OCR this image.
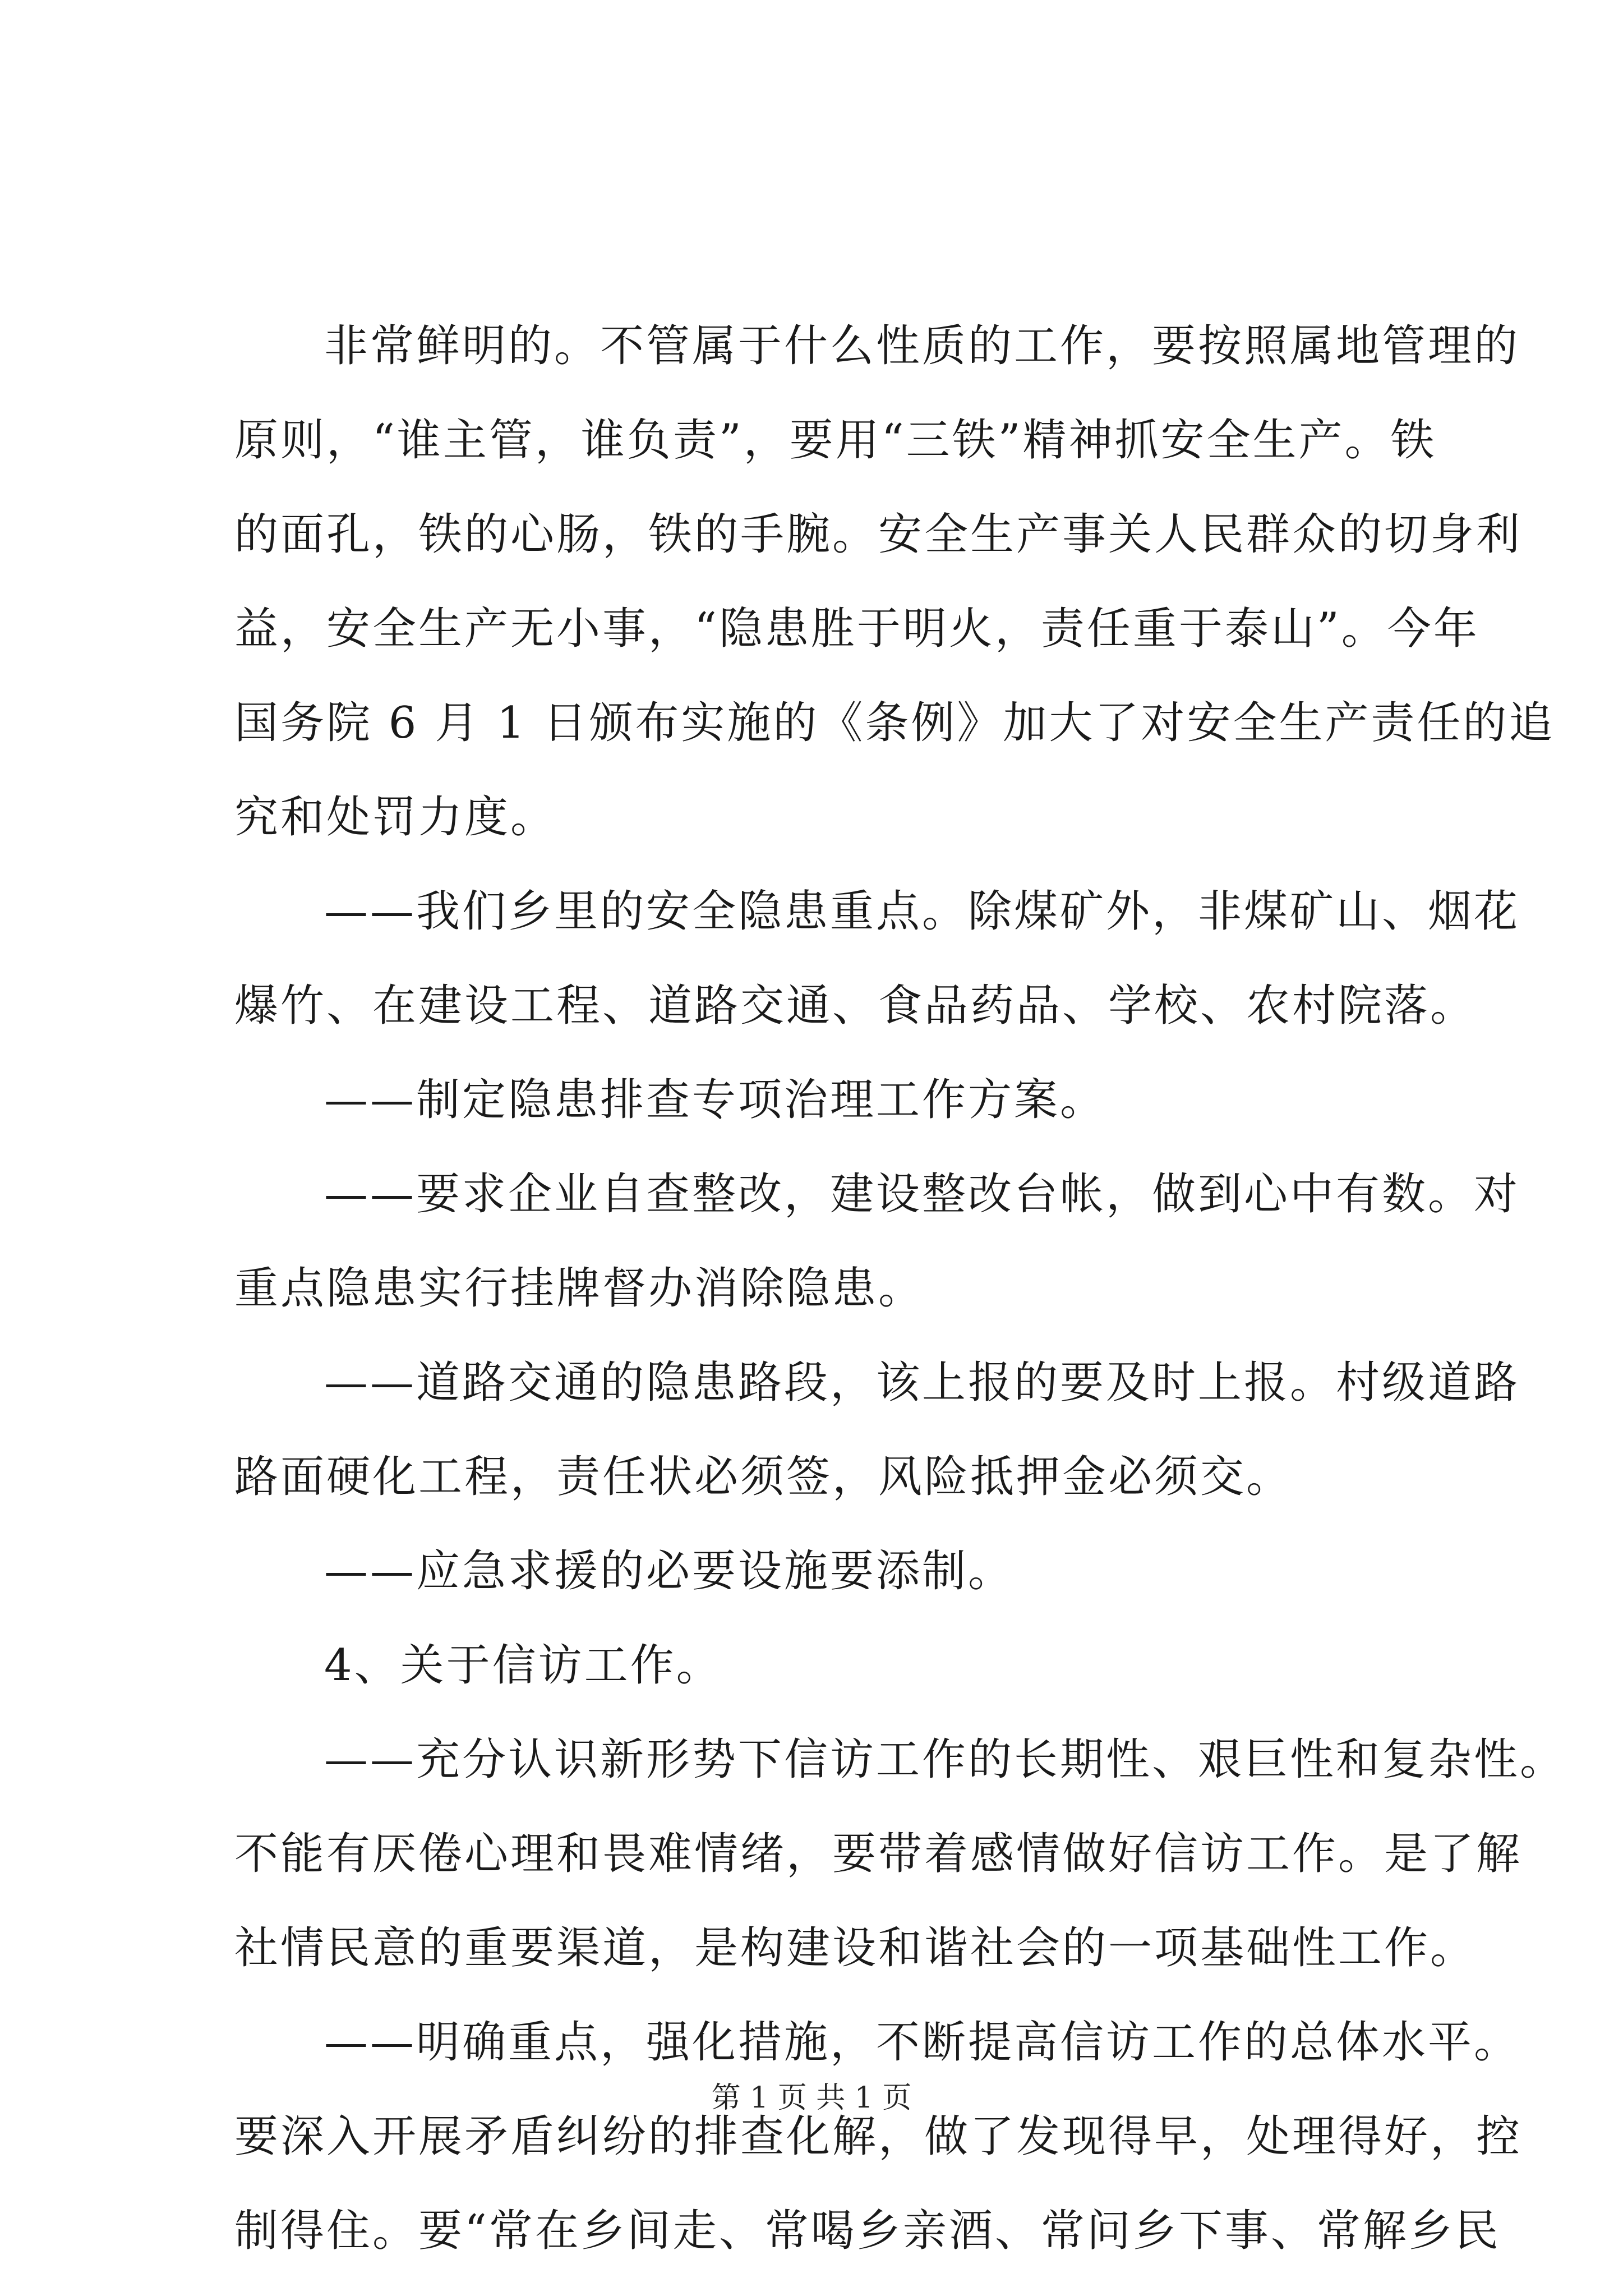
非常鲜明的。不管属于什么性质的工作，要按照属地管理的
原则，“谁主管，谁负责”，要用“三铁”精神抓安全生产。铁
的面孔，铁的心肠，铁的手腕。安全生产事关人民群众的切身利
益，安全生产无小事，“隐患胜于明火，责任重于泰山”。今年
国务院 6 月 1 日颁布实施的《条例》加大了对安全生产责任的追
究和处罚力度。
——我们乡里的安全隐患重点。除煤矿外，非煤矿山、烟花
爆竹、在建设工程、道路交通、食品药品、学校、农村院落。
——制定隐患排查专项治理工作方案。
——要求企业自查整改，建设整改台帐，做到心中有数。对
重点隐患实行挂牌督办消除隐患。
——道路交通的隐患路段，该上报的要及时上报。村级道路
路面硬化工程，责任状必须签，风险抵押金必须交。
——应急求援的必要设施要添制。
4、关于信访工作。
——充分认识新形势下信访工作的长期性、艰巨性和复杂性。
不能有厌倦心理和畏难情绪，要带着感情做好信访工作。是了解
社情民意的重要渠道，是构建设和谐社会的一项基础性工作。
——明确重点，强化措施，不断提高信访工作的总体水平。
要深入开展矛盾纠纷的排查化解，做了发现得早，处理得好，控
制得住。要“常在乡间走、常喝乡亲酒、常问乡下事、常解乡民
第 1 页 共 1 页
